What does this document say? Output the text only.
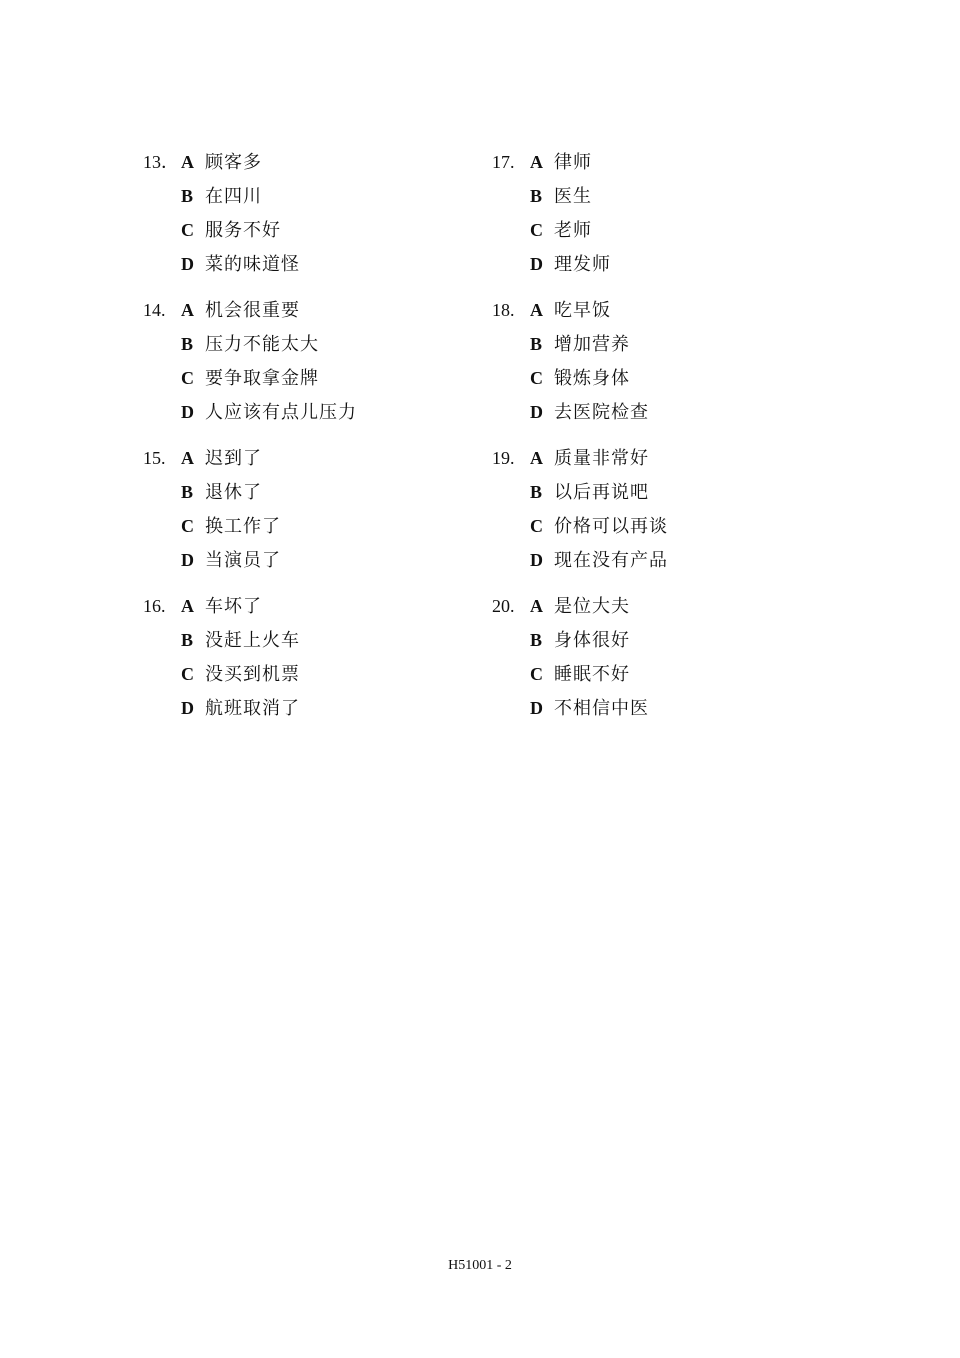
13． A 顾客多
B 在四川
C 服务不好
D 菜的味道怪
14. A 机会很重要
B 压力不能太大
C 要争取拿金牌
D 人应该有点儿压力
15. A 迟到了
B 退休了
C 换工作了
D 当演员了
16. A 车坏了
B 没赶上火车
C 没买到机票
D 航班取消了
17. A 律师
B 医生
C 老师
D 理发师
18. A 吃早饭
B 增加营养
C 锻炼身体
D 去医院检查
19. A 质量非常好
B 以后再说吧
C 价格可以再谈
D 现在没有产品
20. A 是位大夫
B 身体很好
C 睡眠不好
D 不相信中医
H51001 - 2
